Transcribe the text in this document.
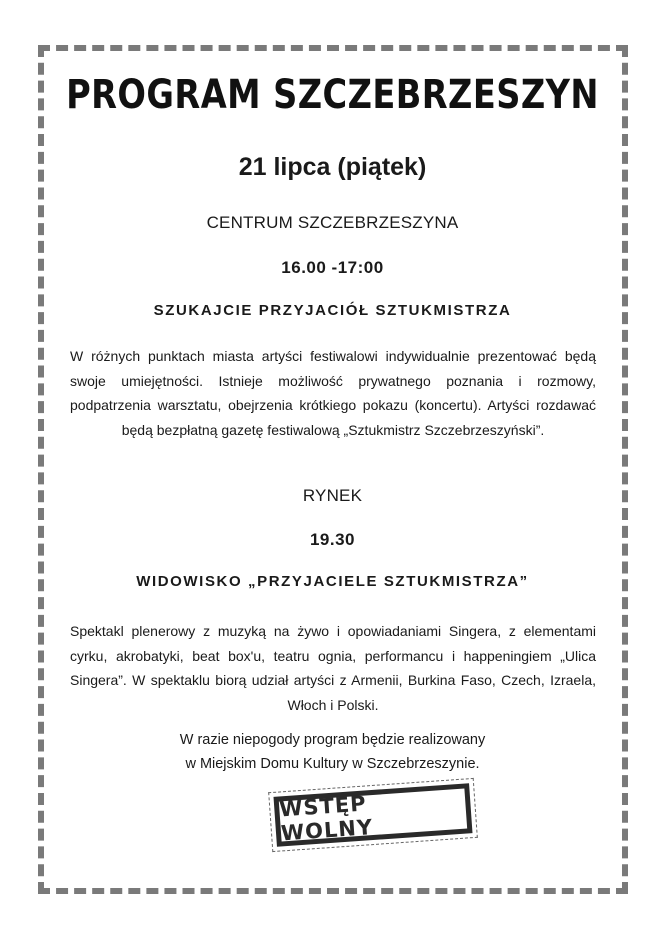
PROGRAM SZCZEBRZESZYN
21 lipca (piątek)
CENTRUM SZCZEBRZESZYNA
16.00 -17:00
SZUKAJCIE PRZYJACIÓŁ SZTUKMISTRZA

W różnych punktach miasta artyści festiwalowi indywidualnie prezentować będą swoje umiejętności. Istnieje możliwość prywatnego poznania i rozmowy, podpatrzenia warsztatu, obejrzenia krótkiego pokazu (koncertu). Artyści rozdawać będą bezpłatną gazetę festiwalową „Sztukmistrz Szczebrzeszyński”.

RYNEK
19.30
WIDOWISKO „PRZYJACIELE SZTUKMISTRZA”

Spektakl plenerowy z muzyką na żywo i opowiadaniami Singera, z elementami cyrku, akrobatyki, beat box'u, teatru ognia, performancu i happeningiem „Ulica Singera”. W spektaklu biorą udział artyści z Armenii, Burkina Faso, Czech, Izraela, Włoch i Polski.

W razie niepogody program będzie realizowany
w Miejskim Domu Kultury w Szczebrzeszynie.
WSTĘP WOLNY
